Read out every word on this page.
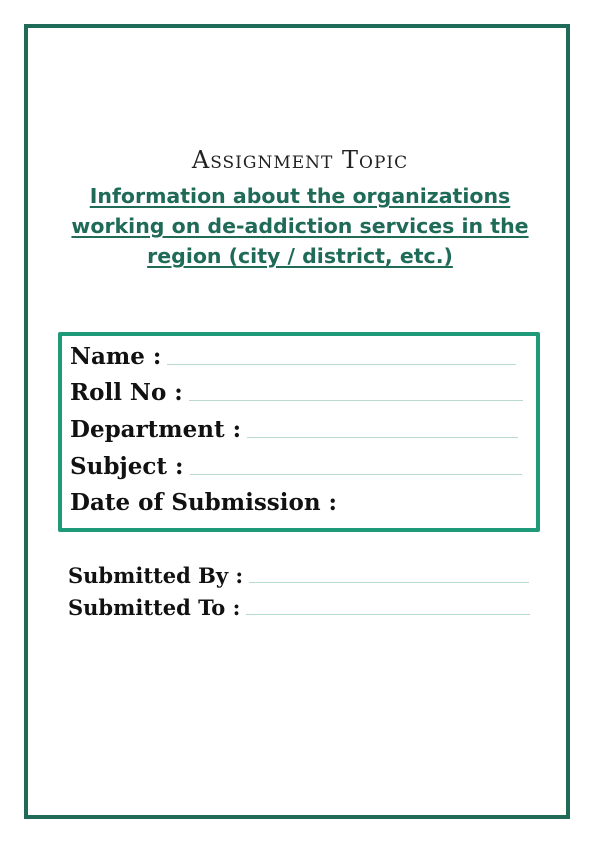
Assignment Topic
Information about the organizations working on de-addiction services in the region (city / district, etc.)
Name :
Roll No :
Department :
Subject :
Date of Submission :
Submitted By :
Submitted To :
